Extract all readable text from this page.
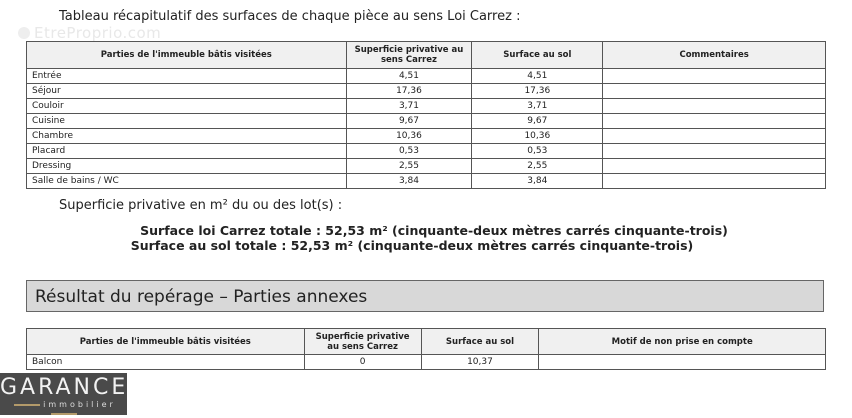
Tableau récapitulatif des surfaces de chaque pièce au sens Loi Carrez :
EtreProprio.com
Parties de l'immeuble bâtis visitées	Superficie privative au sens Carrez	Surface au sol	Commentaires
Entrée	4,51	4,51	
Séjour	17,36	17,36	
Couloir	3,71	3,71	
Cuisine	9,67	9,67	
Chambre	10,36	10,36	
Placard	0,53	0,53	
Dressing	2,55	2,55	
Salle de bains / WC	3,84	3,84	
Superficie privative en m² du ou des lot(s) :
Surface loi Carrez totale : 52,53 m² (cinquante-deux mètres carrés cinquante-trois)
Surface au sol totale : 52,53 m² (cinquante-deux mètres carrés cinquante-trois)
Résultat du repérage – Parties annexes
Parties de l'immeuble bâtis visitées	Superficie privative au sens Carrez	Surface au sol	Motif de non prise en compte
Balcon	0	10,37	
GARANCE
immobilier
